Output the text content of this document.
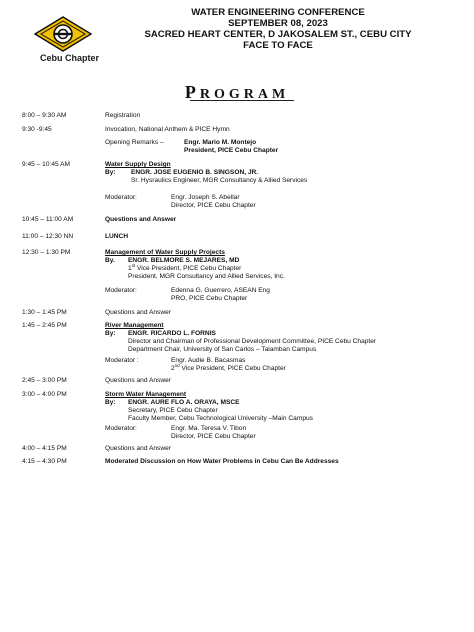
Cebu Chapter
WATER ENGINEERING CONFERENCE
SEPTEMBER 08, 2023
SACRED HEART CENTER, D JAKOSALEM ST., CEBU CITY
FACE TO FACE
PROGRAM
8:00 – 9:30 AM	Registration
9:30 -9:45	Invocation, National Anthem & PICE Hymn
Opening Remarks –	Engr. Mario M. Montejo
President, PICE Cebu Chapter
9:45 – 10:45 AM	Water Supply Design
By: ENGR. JOSE EUGENIO B. SINGSON, JR.
Sr. Hysraulics Engineer, MGR Consultancy & Allied Services
Moderator:	Engr. Joseph S. Abellar
Director, PICE Cebu Chapter
10:45 – 11:00 AM	Questions and Answer
11:00 – 12:30 NN	LUNCH
12:30 – 1:30 PM	Management of Water Supply Projects
By. ENGR. BELMORE S. MEJARES, MD
1st Vice President, PICE Cebu Chapter
President, MGR Consultancy and Allied Services, Inc.
Moderator:	Edenna G. Guerrero, ASEAN Eng
PRO, PICE Cebu Chapter
1:30 – 1:45 PM	Questions and Answer
1:45 – 2:45 PM	River Management
By: ENGR. RICARDO L. FORNIS
Director and Chairman of Professional Development Committee, PICE Cebu Chapter
Department Chair, University of San Carlos – Talamban Campus
Moderator :	Engr. Audie B. Bacasmas
2nd Vice President, PICE Cebu Chapter
2:45 – 3:00 PM	Questions and Answer
3:00 – 4:00 PM	Storm Water Management
By: ENGR. AURE FLO A. ORAYA, MSCE
Secretary, PICE Cebu Chapter
Faculty Member, Cebu Technological University –Main Campus
Moderator:	Engr. Ma. Teresa V. Tibon
Director, PICE Cebu Chapter
4:00 – 4:15 PM	Questions and Answer
4:15 – 4:30 PM	Moderated Discussion on How Water Problems in Cebu Can Be Addresses
